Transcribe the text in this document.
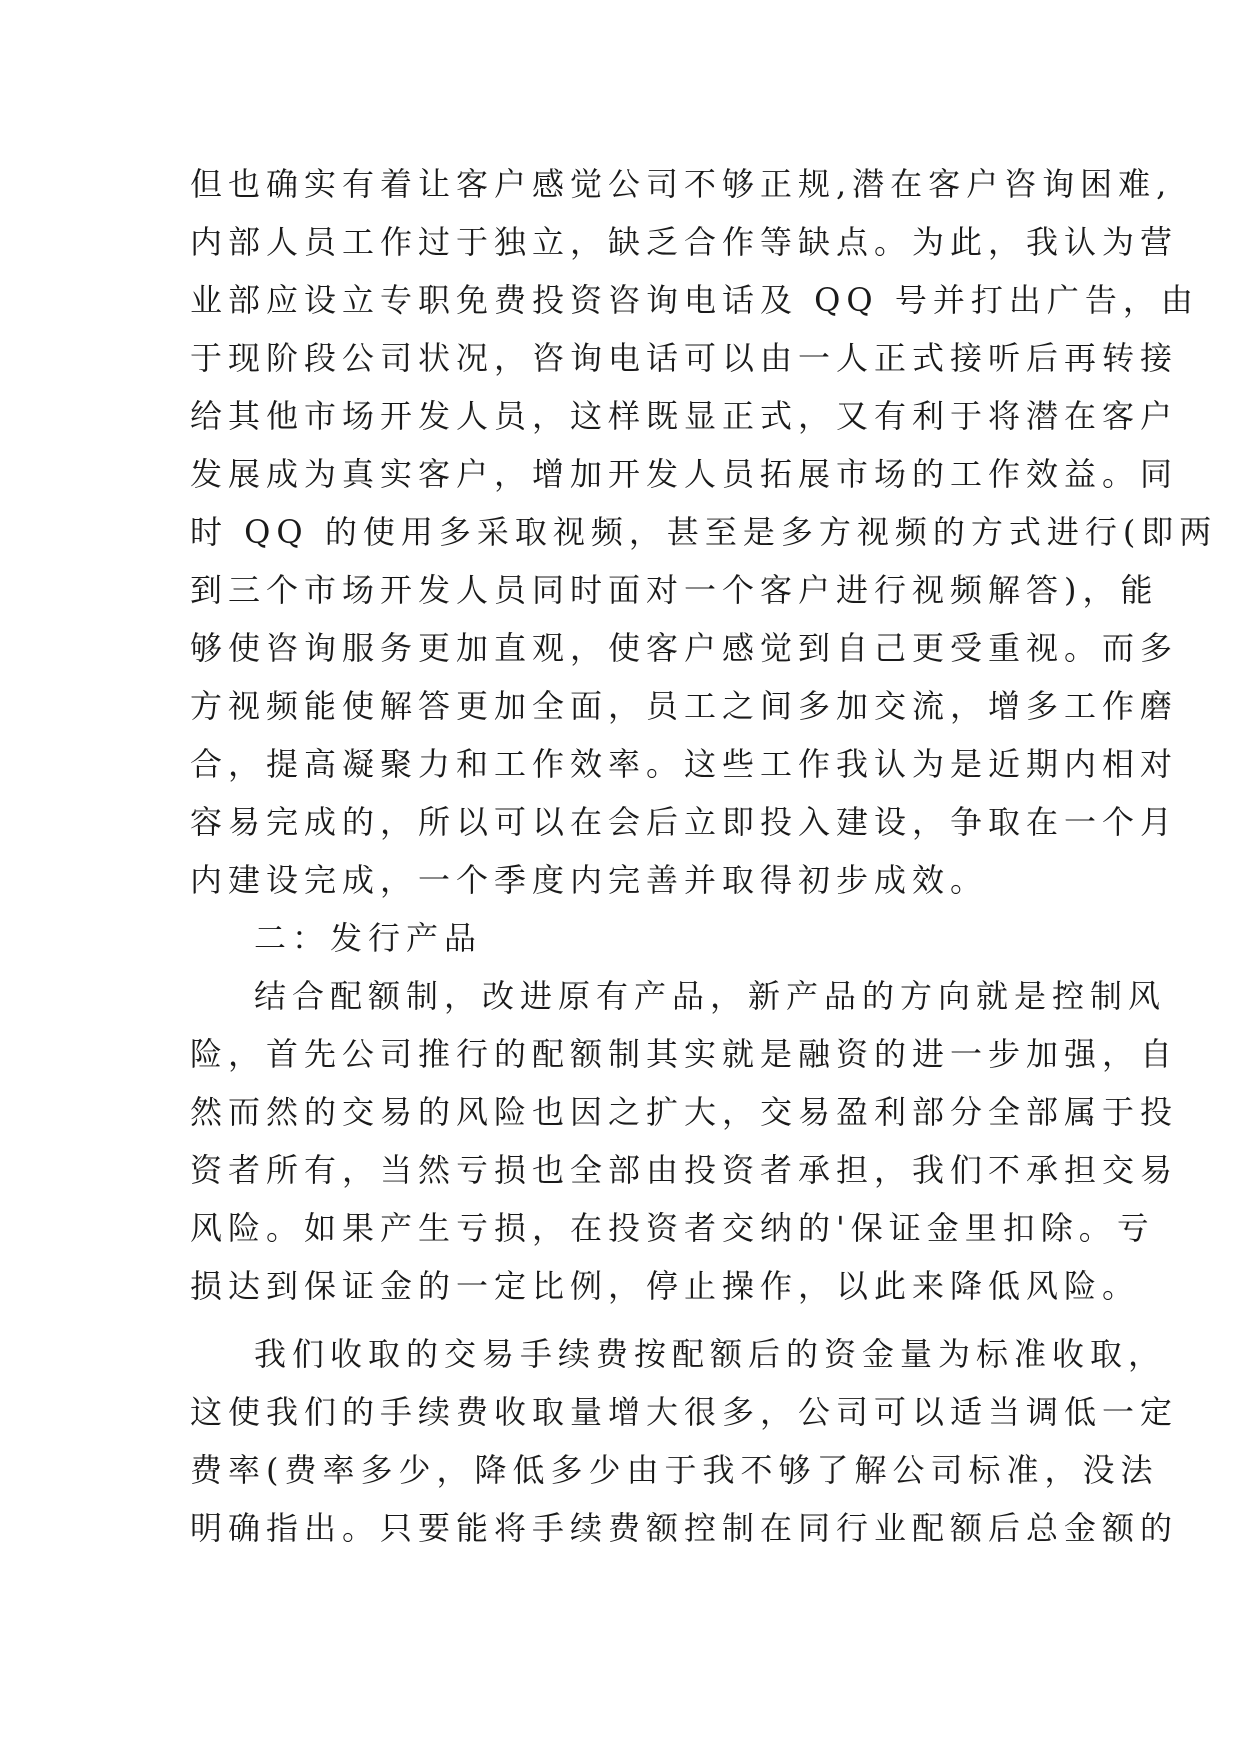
但也确实有着让客户感觉公司不够正规,潜在客户咨询困难,
内部人员工作过于独立，缺乏合作等缺点。为此，我认为营
业部应设立专职免费投资咨询电话及 QQ 号并打出广告，由
于现阶段公司状况，咨询电话可以由一人正式接听后再转接
给其他市场开发人员，这样既显正式，又有利于将潜在客户
发展成为真实客户，增加开发人员拓展市场的工作效益。同
时 QQ 的使用多采取视频，甚至是多方视频的方式进行(即两
到三个市场开发人员同时面对一个客户进行视频解答)，能
够使咨询服务更加直观，使客户感觉到自己更受重视。而多
方视频能使解答更加全面，员工之间多加交流，增多工作磨
合，提高凝聚力和工作效率。这些工作我认为是近期内相对
容易完成的，所以可以在会后立即投入建设，争取在一个月
内建设完成，一个季度内完善并取得初步成效。
二：发行产品
结合配额制，改进原有产品，新产品的方向就是控制风
险，首先公司推行的配额制其实就是融资的进一步加强，自
然而然的交易的风险也因之扩大，交易盈利部分全部属于投
资者所有，当然亏损也全部由投资者承担，我们不承担交易
风险。如果产生亏损，在投资者交纳的'保证金里扣除。亏
损达到保证金的一定比例，停止操作，以此来降低风险。
我们收取的交易手续费按配额后的资金量为标准收取，
这使我们的手续费收取量增大很多，公司可以适当调低一定
费率(费率多少，降低多少由于我不够了解公司标准，没法
明确指出。只要能将手续费额控制在同行业配额后总金额的
